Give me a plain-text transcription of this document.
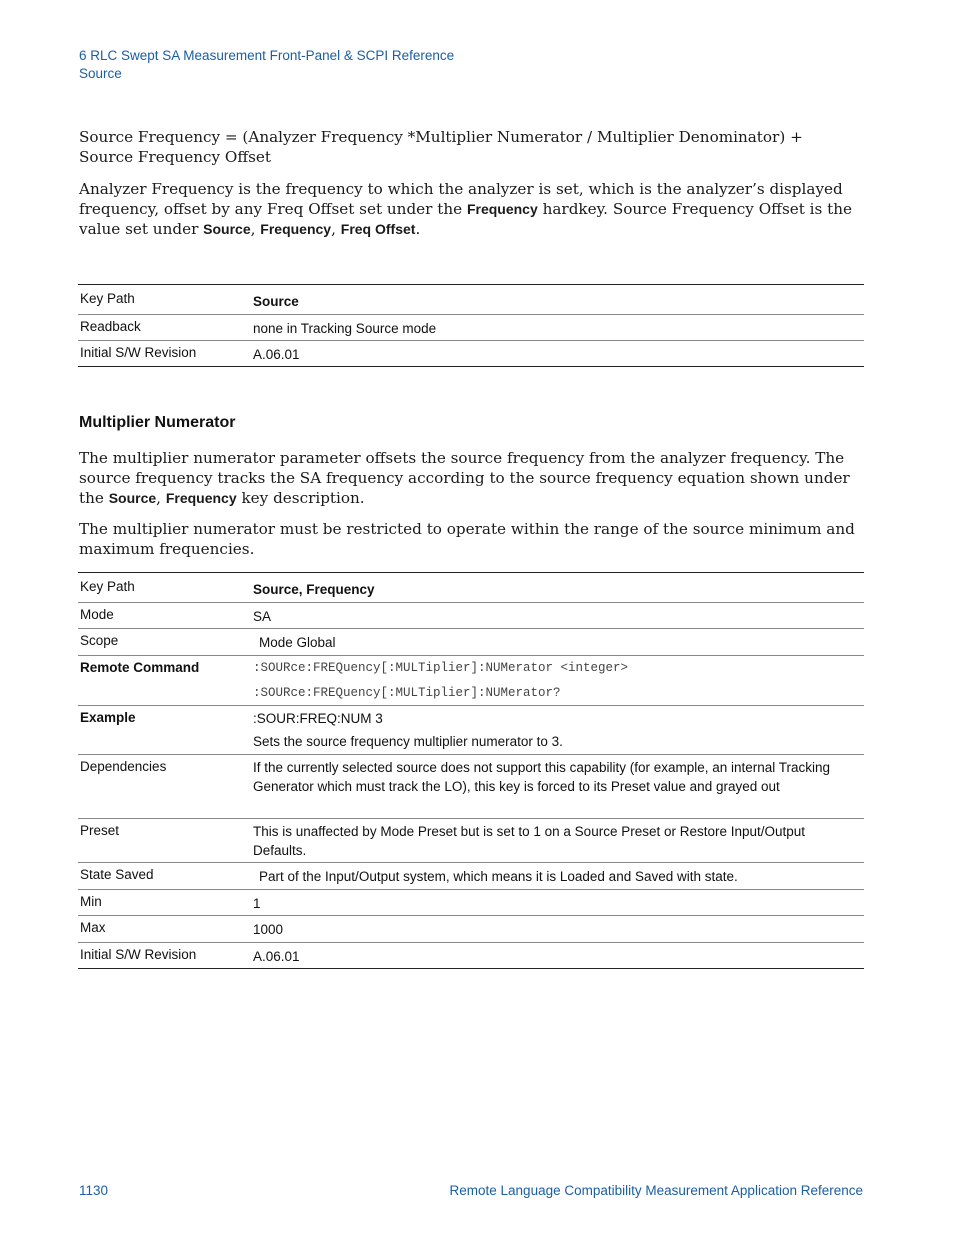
6 RLC Swept SA Measurement Front-Panel & SCPI Reference
Source
Source Frequency = (Analyzer Frequency *Multiplier Numerator / Multiplier Denominator) +
Source Frequency Offset
Analyzer Frequency is the frequency to which the analyzer is set, which is the analyzer’s displayed frequency, offset by any Freq Offset set under the Frequency hardkey. Source Frequency Offset is the value set under Source, Frequency, Freq Offset.
Key Path	Source
Readback	none in Tracking Source mode
Initial S/W Revision	A.06.01
Multiplier Numerator
The multiplier numerator parameter offsets the source frequency from the analyzer frequency. The source frequency tracks the SA frequency according to the source frequency equation shown under the Source, Frequency key description.
The multiplier numerator must be restricted to operate within the range of the source minimum and maximum frequencies.
Key Path	Source, Frequency
Mode	SA
Scope	Mode Global
Remote Command	:SOURce:FREQuency[:MULTiplier]:NUMerator <integer>
:SOURce:FREQuency[:MULTiplier]:NUMerator?
Example	:SOUR:FREQ:NUM 3
Sets the source frequency multiplier numerator to 3.
Dependencies	If the currently selected source does not support this capability (for example, an internal Tracking Generator which must track the LO), this key is forced to its Preset value and grayed out
Preset	This is unaffected by Mode Preset but is set to 1 on a Source Preset or Restore Input/Output Defaults.
State Saved	Part of the Input/Output system, which means it is Loaded and Saved with state.
Min	1
Max	1000
Initial S/W Revision	A.06.01
1130	Remote Language Compatibility Measurement Application Reference
